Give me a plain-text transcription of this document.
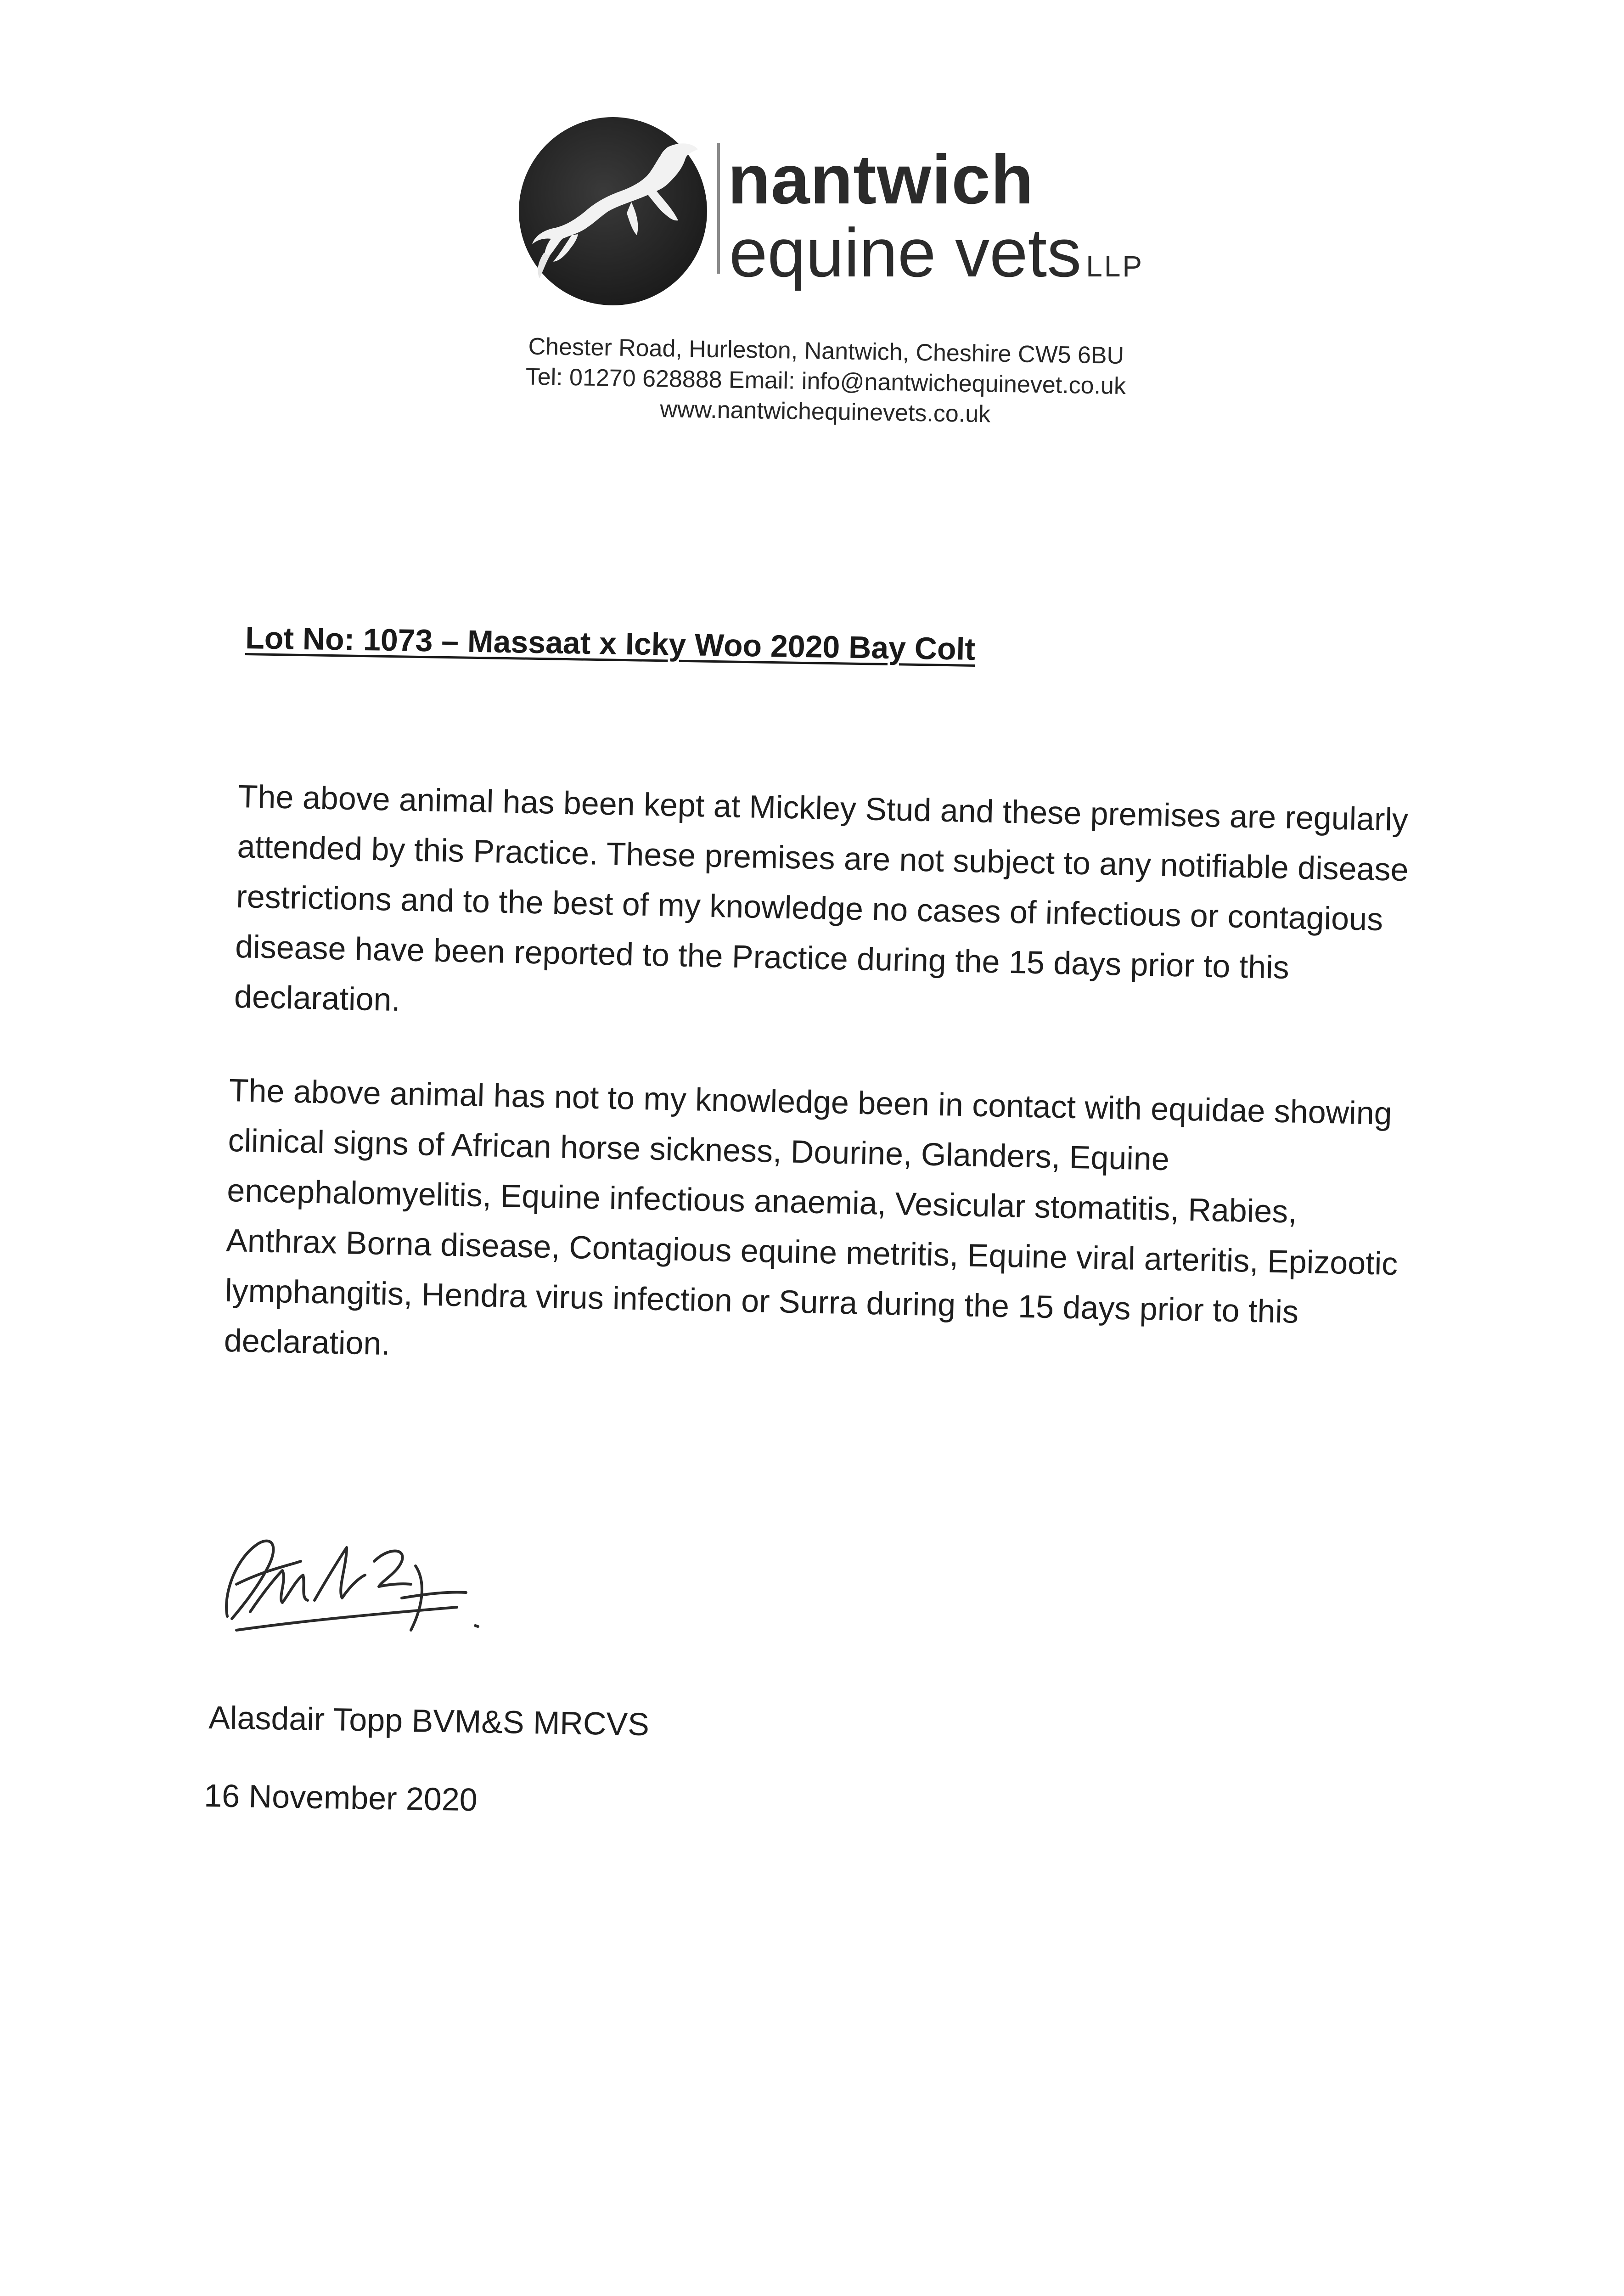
nantwich
equine vets LLP
Chester Road, Hurleston, Nantwich, Cheshire CW5 6BU
Tel: 01270 628888 Email: info@nantwichequinevet.co.uk
www.nantwichequinevets.co.uk
Lot No: 1073 – Massaat x Icky Woo 2020 Bay Colt
The above animal has been kept at Mickley Stud and these premises are regularly attended by this Practice. These premises are not subject to any notifiable disease restrictions and to the best of my knowledge no cases of infectious or contagious disease have been reported to the Practice during the 15 days prior to this declaration.
The above animal has not to my knowledge been in contact with equidae showing clinical signs of African horse sickness, Dourine, Glanders, Equine encephalomyelitis, Equine infectious anaemia, Vesicular stomatitis, Rabies, Anthrax Borna disease, Contagious equine metritis, Equine viral arteritis, Epizootic lymphangitis, Hendra virus infection or Surra during the 15 days prior to this declaration.
Alasdair Topp BVM&S MRCVS
16 November 2020
